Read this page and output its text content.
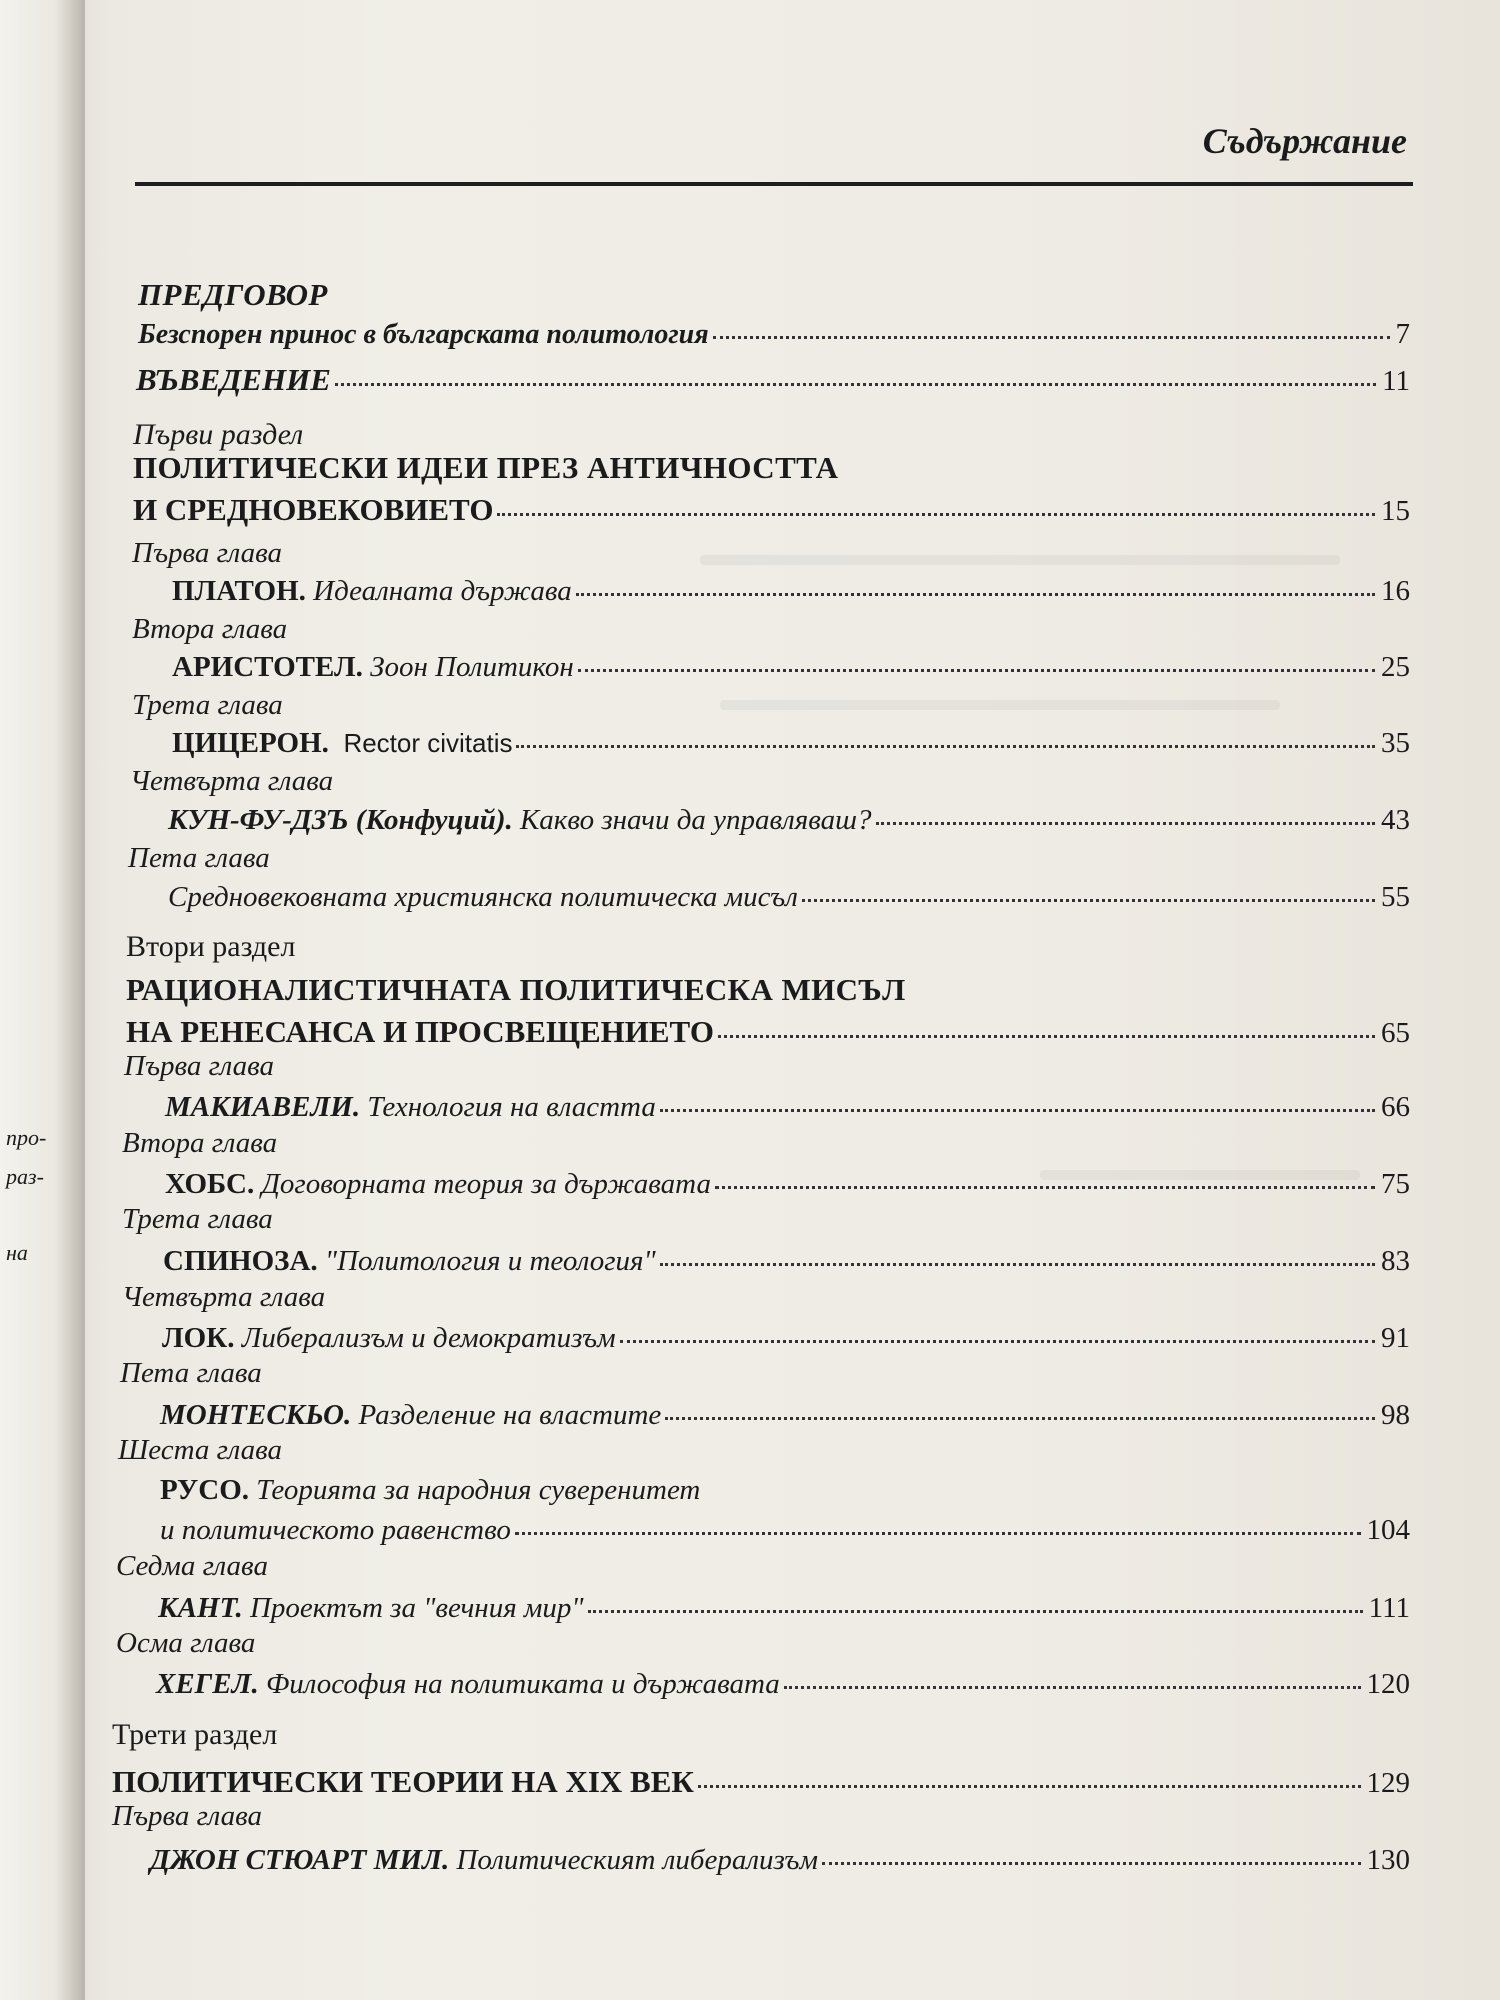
про-
раз-
на
Съдържание
ПРЕДГОВОР
Безспорен принос в българската политология	7
ВЪВЕДЕНИЕ	11
Първи раздел
ПОЛИТИЧЕСКИ ИДЕИ ПРЕЗ АНТИЧНОСТТА
И СРЕДНОВЕКОВИЕТО	15
Първа глава
ПЛАТОН.
Идеалната държава	16
Втора глава
АРИСТОТЕЛ.
Зоон Политикон	25
Трета глава
ЦИЦЕРОН.
Rector civitatis	35
Четвърта глава
КУН-ФУ-ДЗЪ (Конфуций).
Какво значи да управляваш?	43
Пета глава
Средновековната християнска политическа мисъл	55
Втори раздел
РАЦИОНАЛИСТИЧНАТА ПОЛИТИЧЕСКА МИСЪЛ
НА РЕНЕСАНСА И ПРОСВЕЩЕНИЕТО	65
Първа глава
МАКИАВЕЛИ.
Технология на властта	66
Втора глава
ХОБС.
Договорната теория за държавата	75
Трета глава
СПИНОЗА.
"Политология и теология"	83
Четвърта глава
ЛОК.
Либерализъм и демократизъм	91
Пета глава
МОНТЕСКЬО.
Разделение на властите	98
Шеста глава
РУСО.
Теорията за народния суверенитет
и политическото равенство	104
Седма глава
КАНТ.
Проектът за "вечния мир"	111
Осма глава
ХЕГЕЛ.
Философия на политиката и държавата	120
Трети раздел
ПОЛИТИЧЕСКИ ТЕОРИИ НА XIX ВЕК	129
Първа глава
ДЖОН СТЮАРТ МИЛ.
Политическият либерализъм	130
